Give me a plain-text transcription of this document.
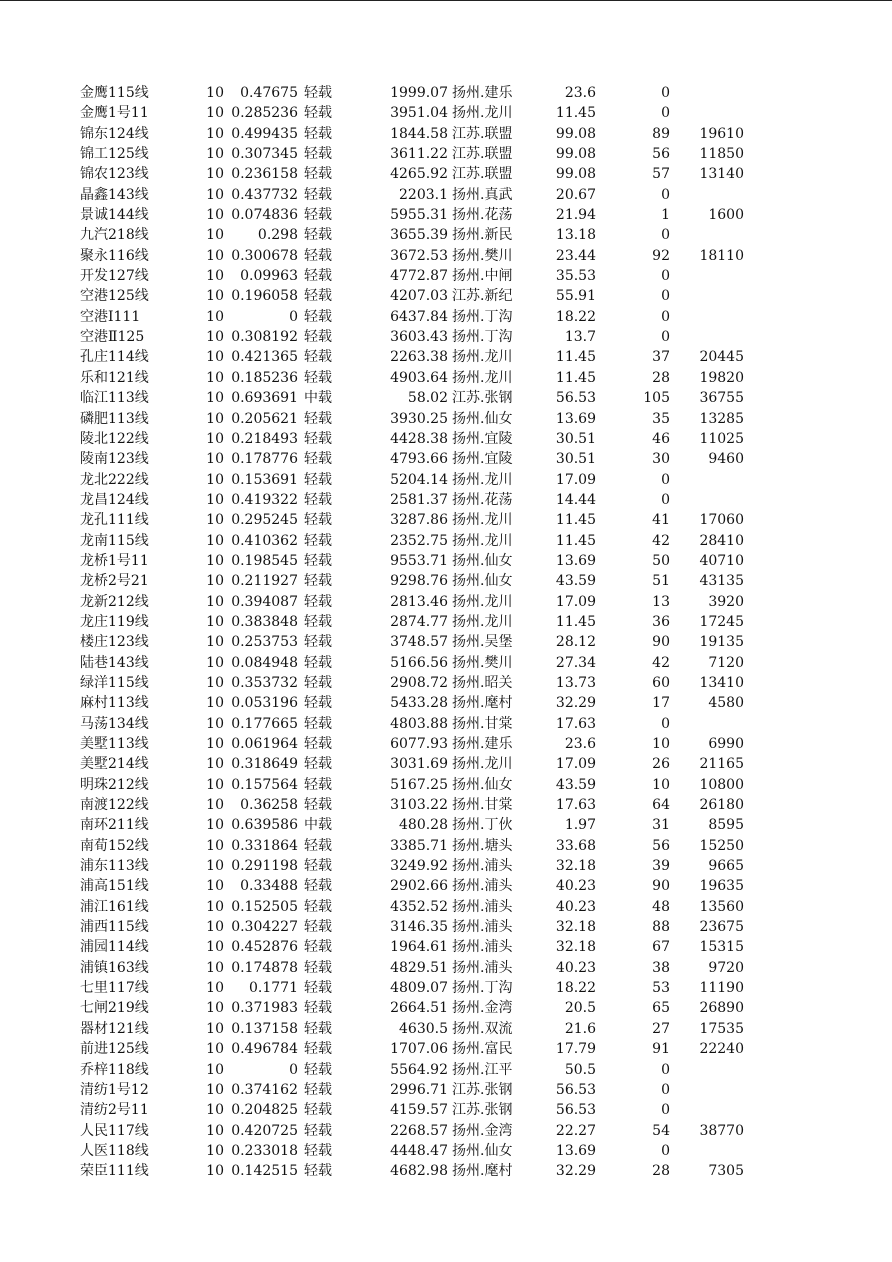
金鹰115线	10	0.47675 轻载	1999.07 扬州.建乐	23.6	0
金鹰1号11	10 0.285236 轻载	3951.04 扬州.龙川	11.45	0
锦东124线	10 0.499435 轻载	1844.58 江苏.联盟	99.08	89	19610
锦工125线	10 0.307345 轻载	3611.22 江苏.联盟	99.08	56	11850
锦农123线	10 0.236158 轻载	4265.92 江苏.联盟	99.08	57	13140
晶鑫143线	10 0.437732 轻载	2203.1 扬州.真武	20.67	0
景诚144线	10 0.074836 轻载	5955.31 扬州.花荡	21.94	1	1600
九汽218线	10	0.298 轻载	3655.39 扬州.新民	13.18	0
聚永116线	10 0.300678 轻载	3672.53 扬州.樊川	23.44	92	18110
开发127线	10	0.09963 轻载	4772.87 扬州.中闸	35.53	0
空港125线	10 0.196058 轻载	4207.03 江苏.新纪	55.91	0
空港Ⅰ111	10	0 轻载	6437.84 扬州.丁沟	18.22	0
空港Ⅱ125	10 0.308192 轻载	3603.43 扬州.丁沟	13.7	0
孔庄114线	10 0.421365 轻载	2263.38 扬州.龙川	11.45	37	20445
乐和121线	10 0.185236 轻载	4903.64 扬州.龙川	11.45	28	19820
临江113线	10 0.693691 中载	58.02 江苏.张钢	56.53	105	36755
磷肥113线	10 0.205621 轻载	3930.25 扬州.仙女	13.69	35	13285
陵北122线	10 0.218493 轻载	4428.38 扬州.宜陵	30.51	46	11025
陵南123线	10 0.178776 轻载	4793.66 扬州.宜陵	30.51	30	9460
龙北222线	10 0.153691 轻载	5204.14 扬州.龙川	17.09	0
龙昌124线	10 0.419322 轻载	2581.37 扬州.花荡	14.44	0
龙孔111线	10 0.295245 轻载	3287.86 扬州.龙川	11.45	41	17060
龙南115线	10 0.410362 轻载	2352.75 扬州.龙川	11.45	42	28410
龙桥1号11	10 0.198545 轻载	9553.71 扬州.仙女	13.69	50	40710
龙桥2号21	10 0.211927 轻载	9298.76 扬州.仙女	43.59	51	43135
龙新212线	10 0.394087 轻载	2813.46 扬州.龙川	17.09	13	3920
龙庄119线	10 0.383848 轻载	2874.77 扬州.龙川	11.45	36	17245
楼庄123线	10 0.253753 轻载	3748.57 扬州.吴堡	28.12	90	19135
陆巷143线	10 0.084948 轻载	5166.56 扬州.樊川	27.34	42	7120
绿洋115线	10 0.353732 轻载	2908.72 扬州.昭关	13.73	60	13410
麻村113线	10 0.053196 轻载	5433.28 扬州.麾村	32.29	17	4580
马荡134线	10 0.177665 轻载	4803.88 扬州.甘棠	17.63	0
美墅113线	10 0.061964 轻载	6077.93 扬州.建乐	23.6	10	6990
美墅214线	10 0.318649 轻载	3031.69 扬州.龙川	17.09	26	21165
明珠212线	10 0.157564 轻载	5167.25 扬州.仙女	43.59	10	10800
南渡122线	10	0.36258 轻载	3103.22 扬州.甘棠	17.63	64	26180
南环211线	10 0.639586 中载	480.28 扬州.丁伙	1.97	31	8595
南荀152线	10 0.331864 轻载	3385.71 扬州.塘头	33.68	56	15250
浦东113线	10 0.291198 轻载	3249.92 扬州.浦头	32.18	39	9665
浦高151线	10	0.33488 轻载	2902.66 扬州.浦头	40.23	90	19635
浦江161线	10 0.152505 轻载	4352.52 扬州.浦头	40.23	48	13560
浦西115线	10 0.304227 轻载	3146.35 扬州.浦头	32.18	88	23675
浦园114线	10 0.452876 轻载	1964.61 扬州.浦头	32.18	67	15315
浦镇163线	10 0.174878 轻载	4829.51 扬州.浦头	40.23	38	9720
七里117线	10	0.1771 轻载	4809.07 扬州.丁沟	18.22	53	11190
七闸219线	10 0.371983 轻载	2664.51 扬州.金湾	20.5	65	26890
器材121线	10 0.137158 轻载	4630.5 扬州.双流	21.6	27	17535
前进125线	10 0.496784 轻载	1707.06 扬州.富民	17.79	91	22240
乔梓118线	10	0 轻载	5564.92 扬州.江平	50.5	0
清纺1号12	10 0.374162 轻载	2996.71 江苏.张钢	56.53	0
清纺2号11	10 0.204825 轻载	4159.57 江苏.张钢	56.53	0
人民117线	10 0.420725 轻载	2268.57 扬州.金湾	22.27	54	38770
人医118线	10 0.233018 轻载	4448.47 扬州.仙女	13.69	0
荣臣111线	10 0.142515 轻载	4682.98 扬州.麾村	32.29	28	7305
